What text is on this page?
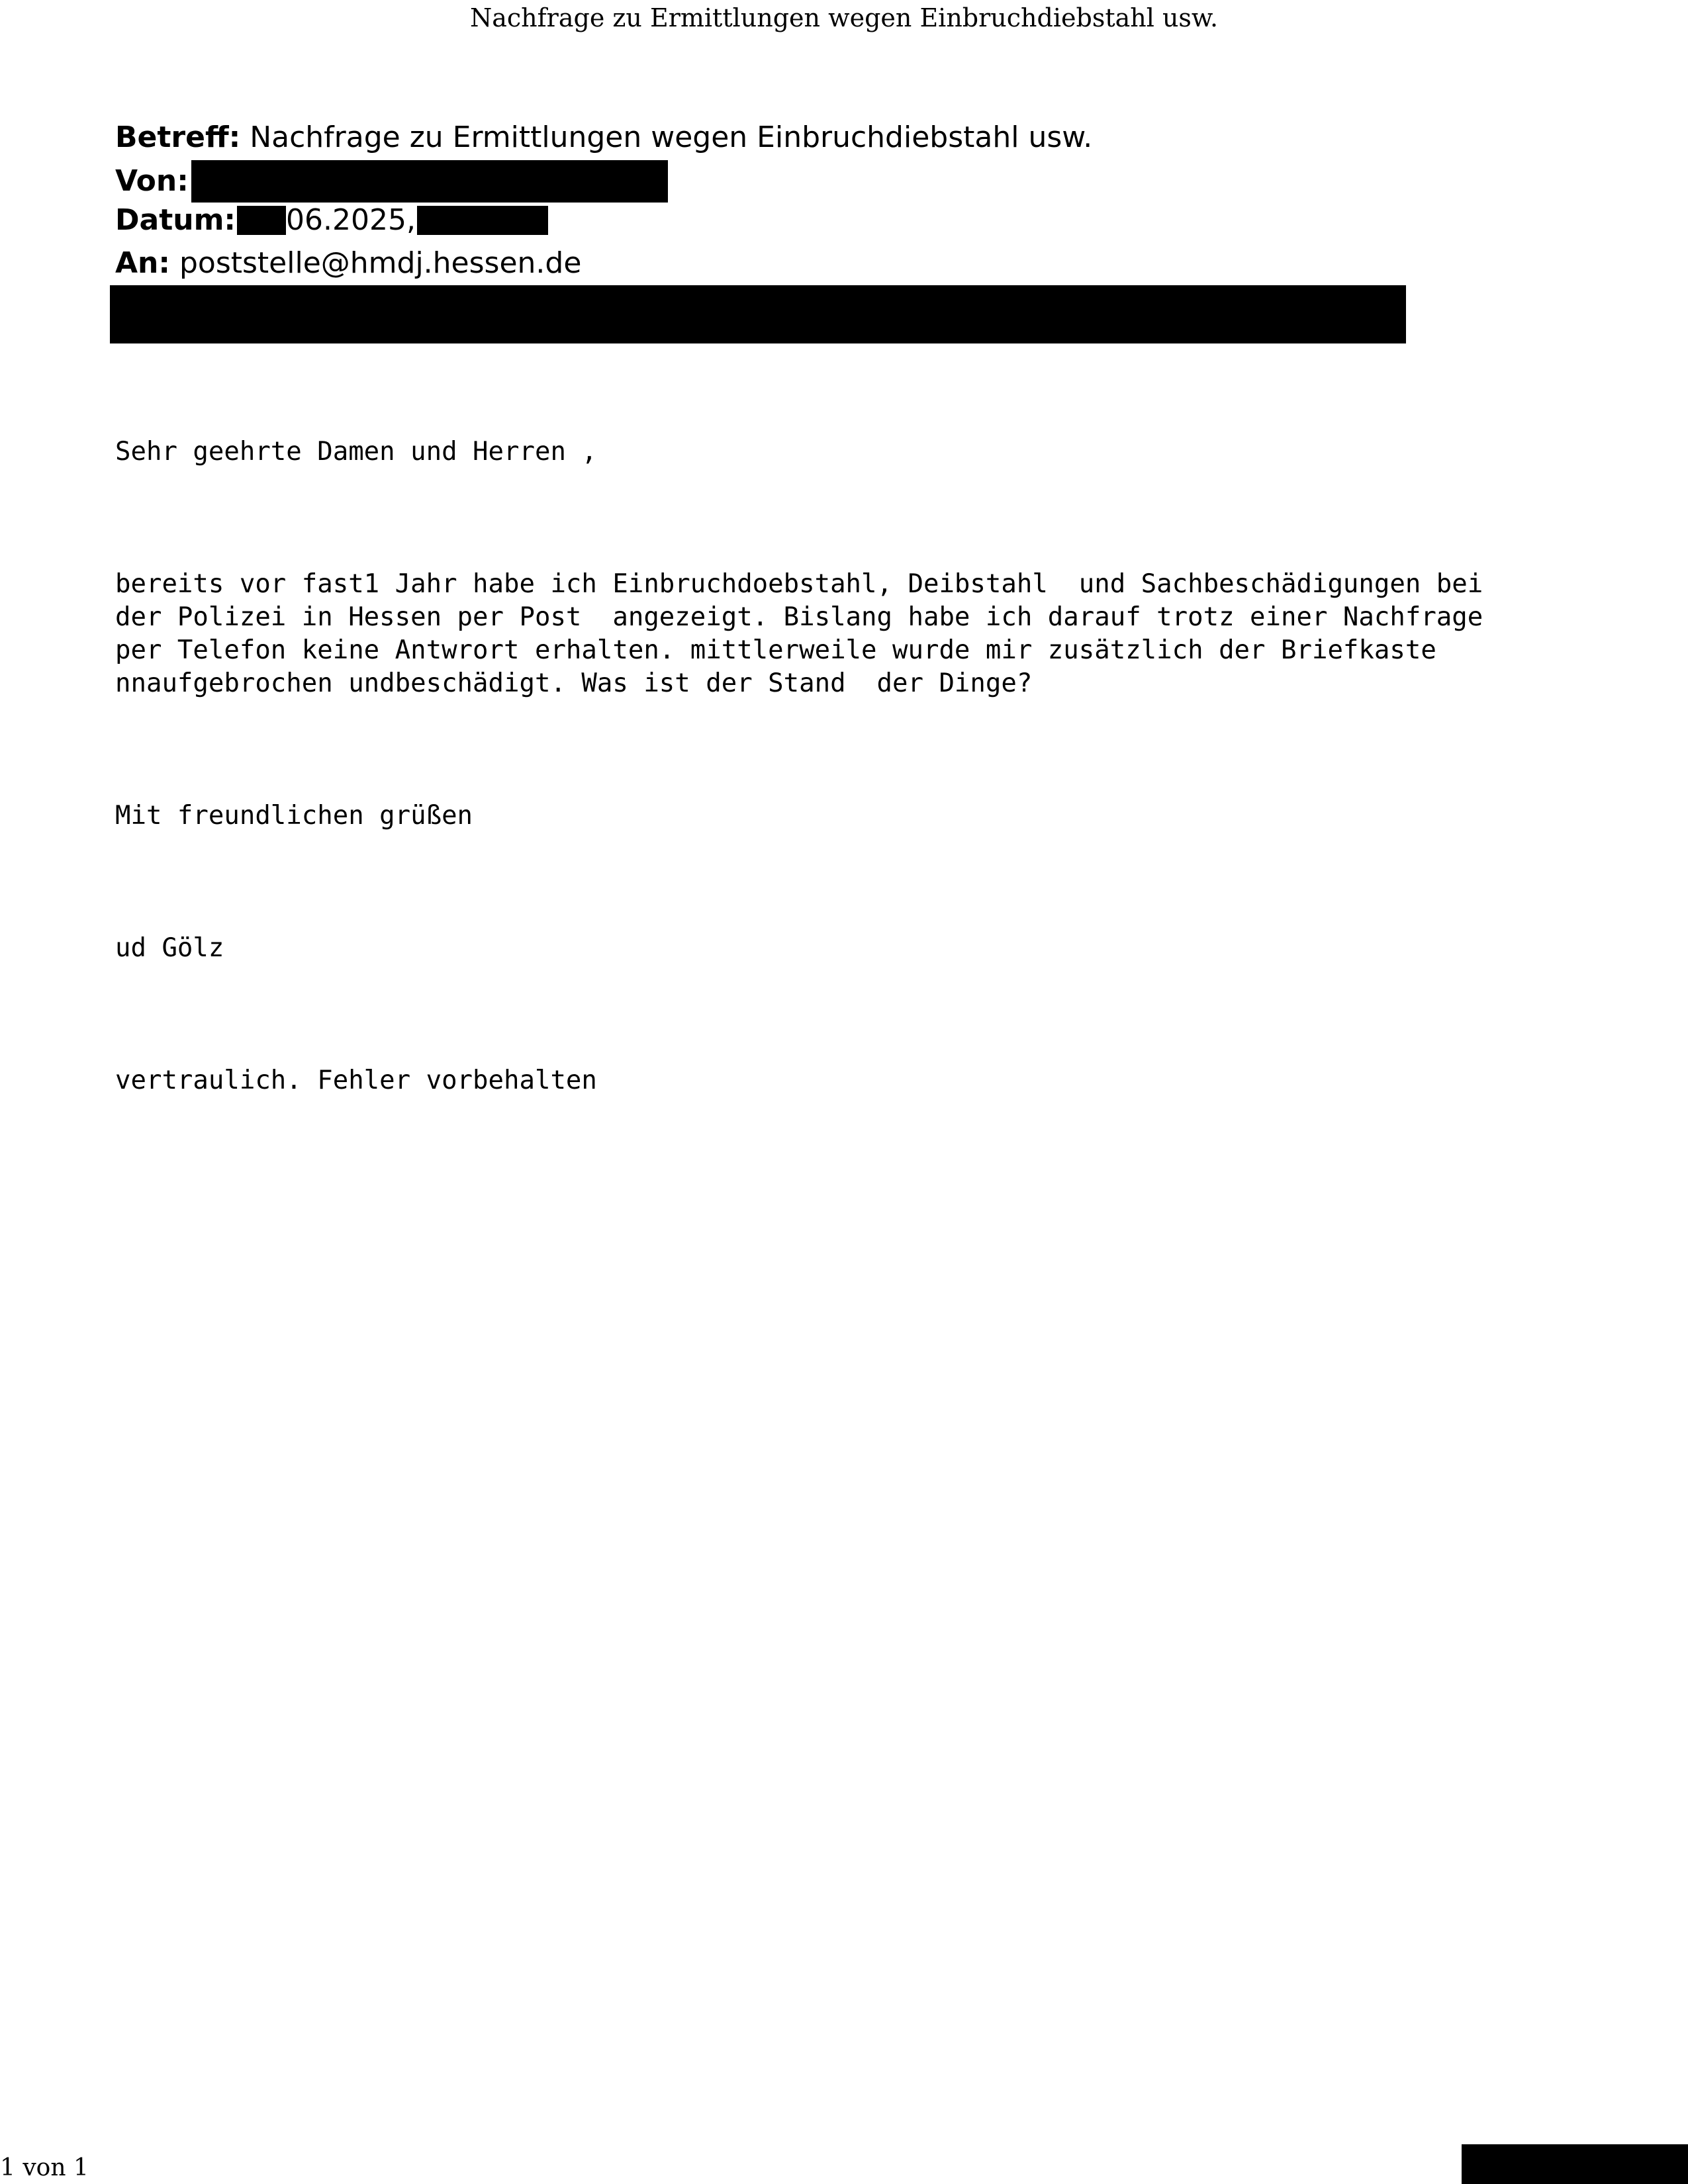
Nachfrage zu Ermittlungen wegen Einbruchdiebstahl usw.
Betreff:
Nachfrage zu Ermittlungen wegen Einbruchdiebstahl usw.
Von:
Datum: 06.2025,
An:
poststelle@hmdj.hessen.de

Sehr geehrte Damen und Herren ,

bereits vor fast1 Jahr habe ich Einbruchdoebstahl, Deibstahl  und Sachbeschädigungen bei
der Polizei in Hessen per Post  angezeigt. Bislang habe ich darauf trotz einer Nachfrage
per Telefon keine Antwrort erhalten. mittlerweile wurde mir zusätzlich der Briefkaste
nnaufgebrochen undbeschädigt. Was ist der Stand  der Dinge?

Mit freundlichen grüßen

ud Gölz

vertraulich. Fehler vorbehalten

1 von 1
